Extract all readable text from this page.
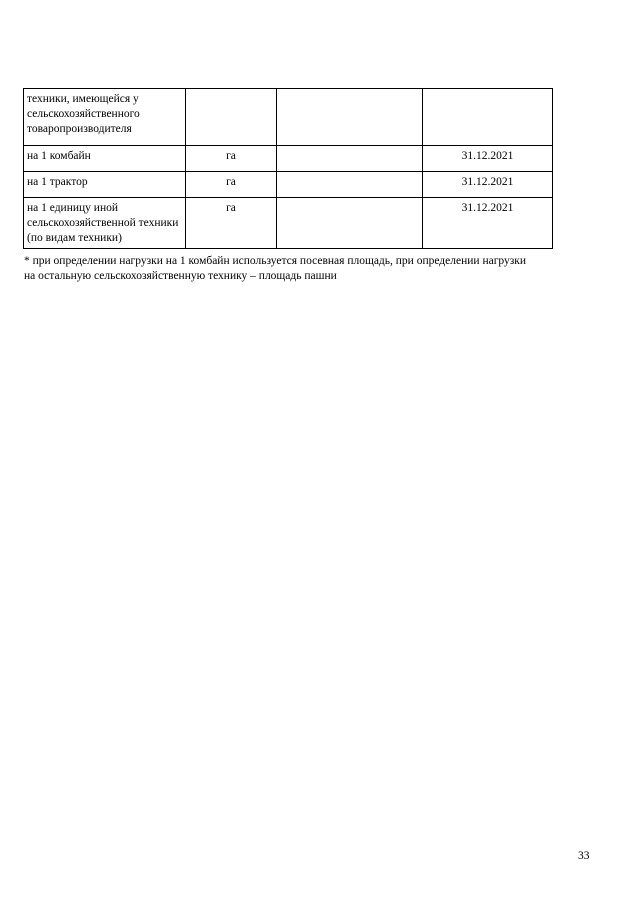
техники, имеющейся у сельскохозяйственного товаропроизводителя			
на 1 комбайн	га		31.12.2021
на 1 трактор	га		31.12.2021
на 1 единицу иной сельскохозяйственной техники (по видам техники)	га		31.12.2021
* при определении нагрузки на 1 комбайн используется посевная площадь, при определении нагрузки
на остальную сельскохозяйственную технику – площадь пашни
33
